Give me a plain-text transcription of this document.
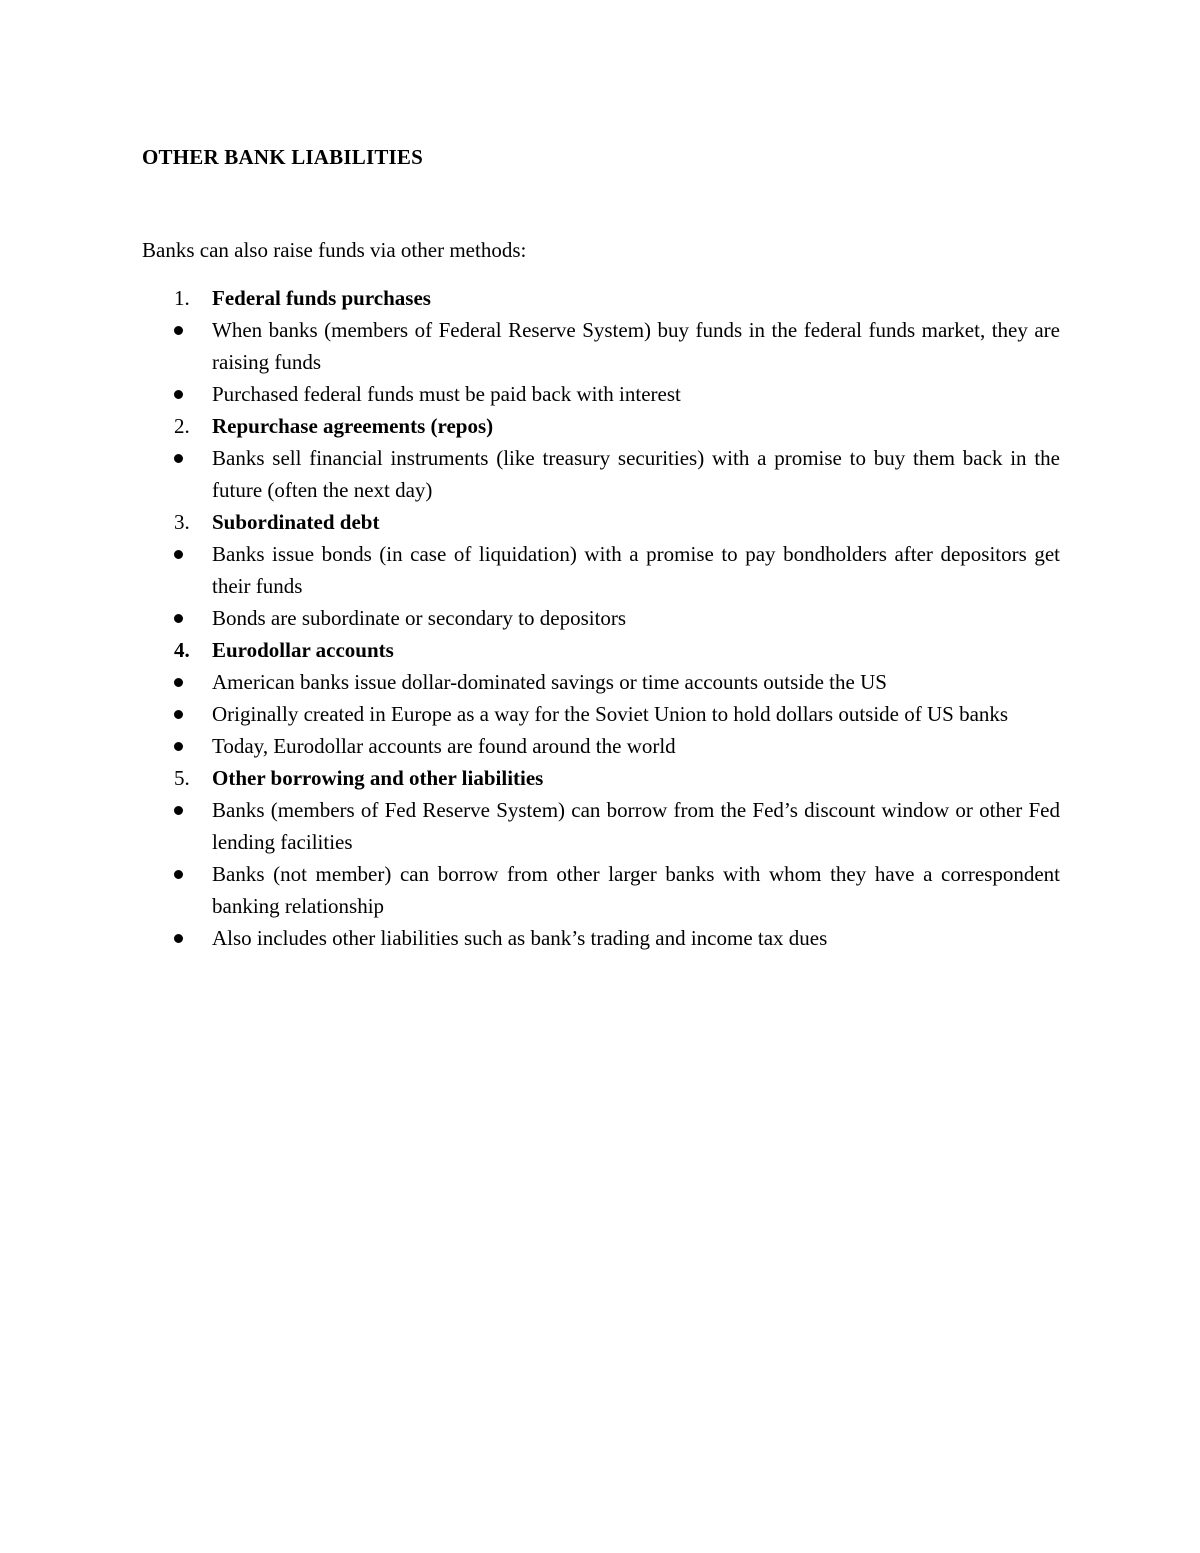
OTHER BANK LIABILITIES

Banks can also raise funds via other methods:

1. Federal funds purchases
When banks (members of Federal Reserve System) buy funds in the federal funds market, they are raising funds
Purchased federal funds must be paid back with interest
2. Repurchase agreements (repos)
Banks sell financial instruments (like treasury securities) with a promise to buy them back in the future (often the next day)
3. Subordinated debt
Banks issue bonds (in case of liquidation) with a promise to pay bondholders after depositors get their funds
Bonds are subordinate or secondary to depositors
4. Eurodollar accounts
American banks issue dollar-dominated savings or time accounts outside the US
Originally created in Europe as a way for the Soviet Union to hold dollars outside of US banks
Today, Eurodollar accounts are found around the world
5. Other borrowing and other liabilities
Banks (members of Fed Reserve System) can borrow from the Fed’s discount window or other Fed lending facilities
Banks (not member) can borrow from other larger banks with whom they have a correspondent banking relationship
Also includes other liabilities such as bank’s trading and income tax dues
